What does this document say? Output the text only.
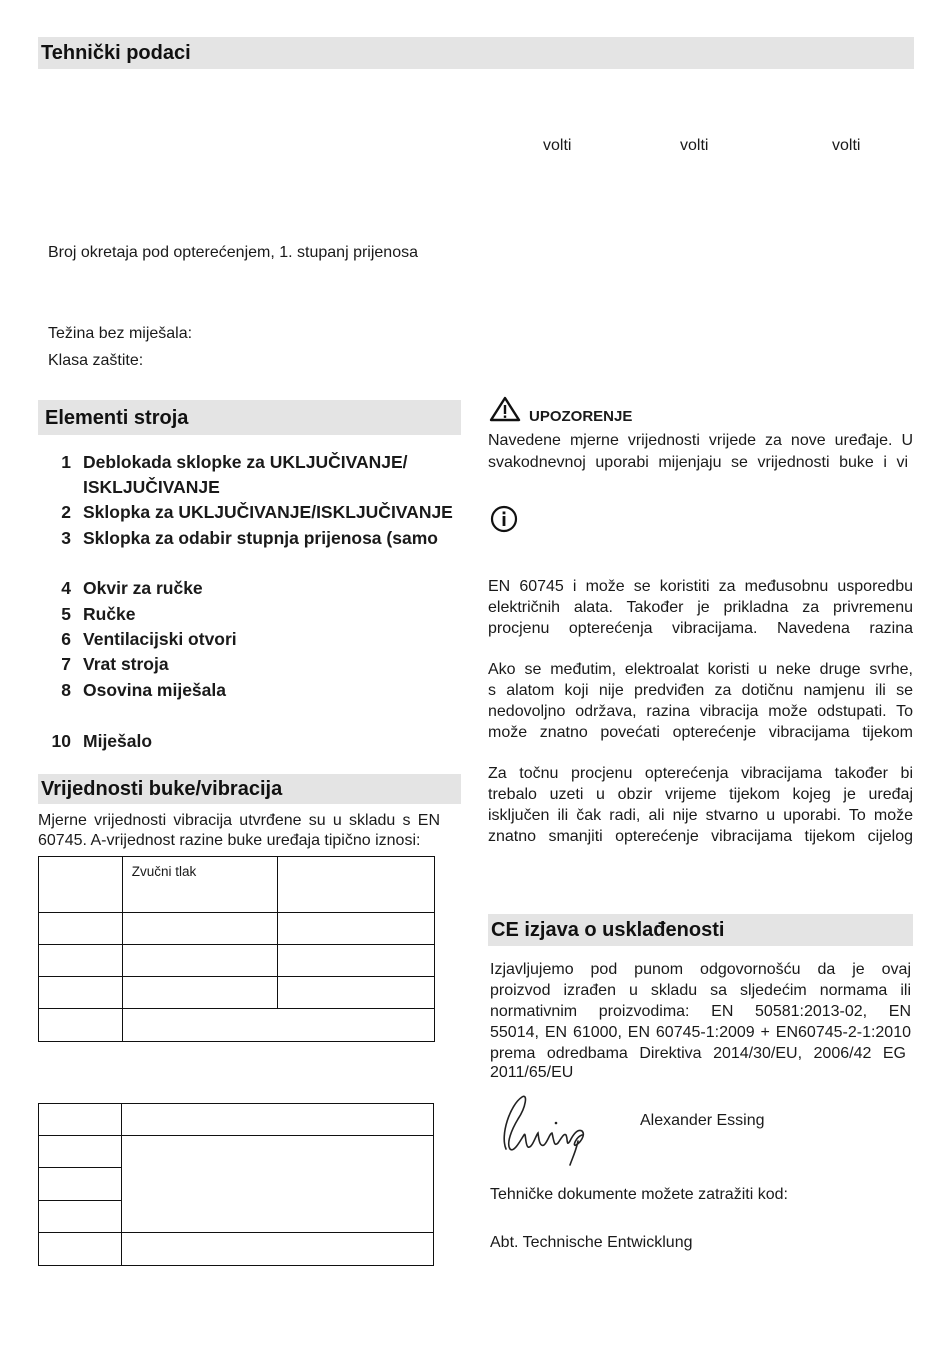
Tehnički podaci
volti	volti	volti
Broj okretaja pod opterećenjem, 1. stupanj prijenosa
Težina bez miješala:
Klasa zaštite:
Elementi stroja
1 Deblokada sklopke za UKLJUČIVANJE/
ISKLJUČIVANJE
2 Sklopka za UKLJUČIVANJE/ISKLJUČIVANJE
3 Sklopka za odabir stupnja prijenosa (samo
4 Okvir za ručke
5 Ručke
6 Ventilacijski otvori
7 Vrat stroja
8 Osovina miješala
10 Miješalo
Vrijednosti buke/vibracija
Mjerne vrijednosti vibracija utvrđene su u skladu s EN
60745. A-vrijednost razine buke uređaja tipično iznosi:

	Zvučni tlak	

UPOZORENJE
Navedene mjerne vrijednosti vrijede za nove uređaje. U
svakodnevnoj uporabi mijenjaju se vrijednosti buke i vi
EN 60745 i može se koristiti za međusobnu usporedbu
električnih alata. Također je prikladna za privremenu
procjenu opterećenja vibracijama. Navedena razina
Ako se međutim, elektroalat koristi u neke druge svrhe,
s alatom koji nije predviđen za dotičnu namjenu ili se
nedovoljno održava, razina vibracija može odstupati. To
može znatno povećati opterećenje vibracijama tijekom
Za točnu procjenu opterećenja vibracijama također bi
trebalo uzeti u obzir vrijeme tijekom kojeg je uređaj
isključen ili čak radi, ali nije stvarno u uporabi. To može
znatno smanjiti opterećenje vibracijama tijekom cijelog
CE izjava o usklađenosti
Izjavljujemo pod punom odgovornošću da je ovaj
proizvod izrađen u skladu sa sljedećim normama ili
normativnim proizvodima: EN 50581:2013-02, EN
55014, EN 61000, EN 60745-1:2009 + EN60745-2-1:2010
prema odredbama Direktiva 2014/30/EU, 2006/42 EG
2011/65/EU
Alexander Essing
Tehničke dokumente možete zatražiti kod:
Abt. Technische Entwicklung
